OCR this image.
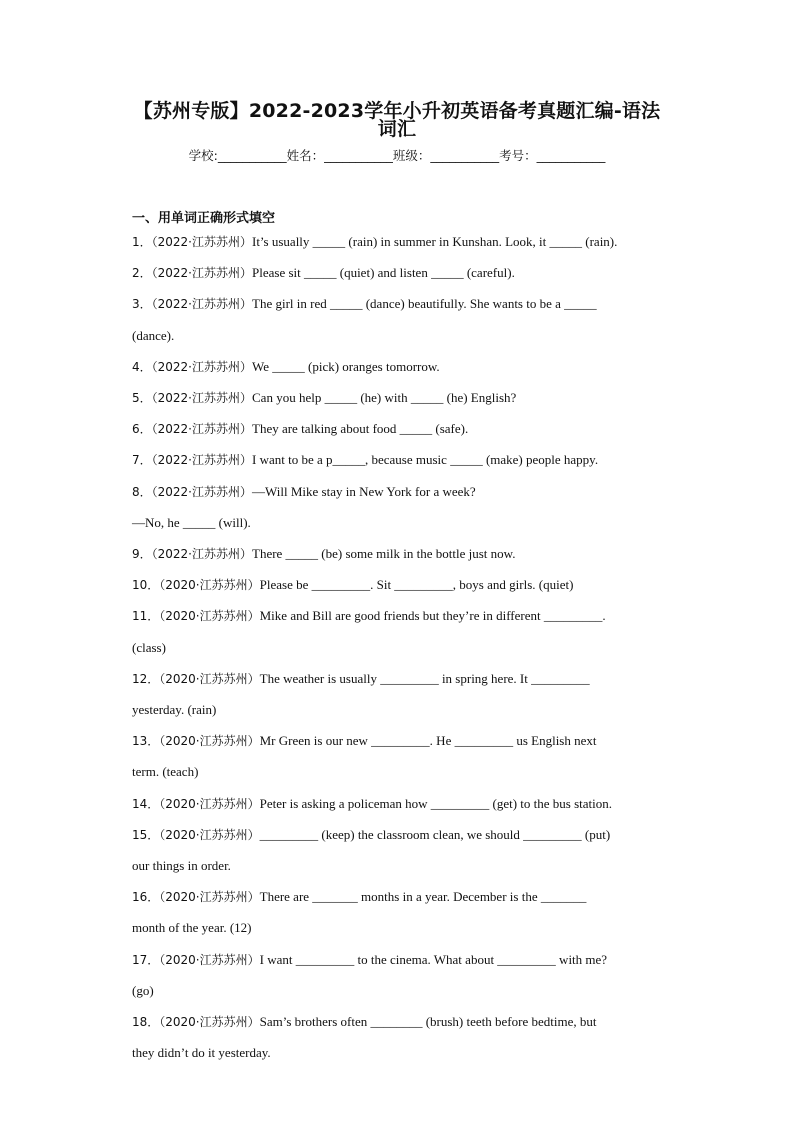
【苏州专版】2022-2023学年小升初英语备考真题汇编-语法
词汇
学校:___________姓名：___________班级：___________考号：___________
一、用单词正确形式填空
1．（2022·江苏苏州）It’s usually _____ (rain) in summer in Kunshan. Look, it _____ (rain).
2．（2022·江苏苏州）Please sit _____ (quiet) and listen _____ (careful).
3．（2022·江苏苏州）The girl in red _____ (dance) beautifully. She wants to be a _____
(dance).
4．（2022·江苏苏州）We _____ (pick) oranges tomorrow.
5．（2022·江苏苏州）Can you help _____ (he) with _____ (he) English?
6．（2022·江苏苏州）They are talking about food _____ (safe).
7．（2022·江苏苏州）I want to be a p_____, because music _____ (make) people happy.
8．（2022·江苏苏州）—Will Mike stay in New York for a week?
—No, he _____ (will).
9．（2022·江苏苏州）There _____ (be) some milk in the bottle just now.
10．（2020·江苏苏州）Please be _________. Sit _________, boys and girls. (quiet)
11．（2020·江苏苏州）Mike and Bill are good friends but they’re in different _________.
(class)
12．（2020·江苏苏州）The weather is usually _________ in spring here. It _________
yesterday. (rain)
13．（2020·江苏苏州）Mr Green is our new _________. He _________ us English next
term. (teach)
14．（2020·江苏苏州）Peter is asking a policeman how _________ (get) to the bus station.
15．（2020·江苏苏州）_________ (keep) the classroom clean, we should _________ (put)
our things in order.
16．（2020·江苏苏州）There are _______ months in a year. December is the _______
month of the year. (12)
17．（2020·江苏苏州）I want _________ to the cinema. What about _________ with me?
(go)
18．（2020·江苏苏州）Sam’s brothers often ________ (brush) teeth before bedtime, but
they didn’t do it yesterday.
